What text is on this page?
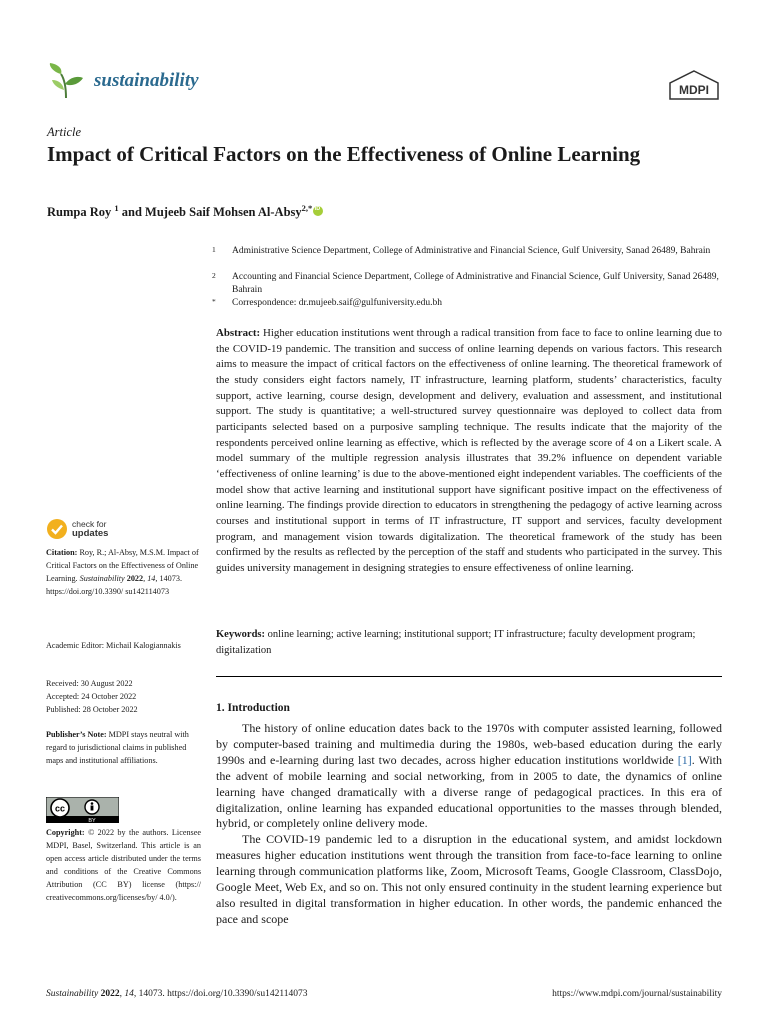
sustainability	MDPI
Article
Impact of Critical Factors on the Effectiveness of Online Learning
Rumpa Roy $^1$ and Mujeeb Saif Mohsen Al-Absy$^{2,*}$iD
1 Administrative Science Department, College of Administrative and Financial Science, Gulf University, Sanad 26489, Bahrain
2 Accounting and Financial Science Department, College of Administrative and Financial Science, Gulf University, Sanad 26489, Bahrain
* Correspondence: dr.mujeeb.saif@gulfuniversity.edu.bh
Abstract: Higher education institutions went through a radical transition from face to face to online learning due to the COVID-19 pandemic. The transition and success of online learning depends on various factors. This research aims to measure the impact of critical factors on the effectiveness of online learning. The theoretical framework of the study considers eight factors namely, IT infrastructure, learning platform, students’ characteristics, faculty support, active learning, course design, development and delivery, evaluation and assessment, and institutional support. The study is quantitative; a well-structured survey questionnaire was deployed to collect data from participants selected based on a purposive sampling technique. The results indicate that the majority of the respondents perceived online learning as effective, which is reflected by the average score of 4 on a Likert scale. A model summary of the multiple regression analysis illustrates that 39.2% influence on dependent variable ‘effectiveness of online learning’ is due to the above-mentioned eight independent variables. The coefficients of the model show that active learning and institutional support have significant positive impact on the effectiveness of online learning. The findings provide direction to educators in strengthening the pedagogy of active learning across courses and institutional support in terms of IT infrastructure, IT support and services, faculty development program, and management vision towards digitalization. The theoretical framework of the study has been confirmed by the results as reflected by the perception of the staff and students who participated in the survey. This guides university management in designing strategies to ensure effectiveness of online learning.
Keywords: online learning; active learning; institutional support; IT infrastructure; faculty development program; digitalization
1. Introduction

The history of online education dates back to the 1970s with computer assisted learning, followed by computer-based training and multimedia during the 1980s, web-based education during the early 1990s and e-learning during last two decades, across higher education institutions worldwide [1]. With the advent of mobile learning and social networking, from in 2005 to date, the dynamics of online learning have changed dramatically with a diverse range of pedagogical practices. In this era of digitalization, online learning has expanded educational opportunities to the masses through blended, hybrid, or completely online delivery mode.

The COVID-19 pandemic led to a disruption in the educational system, and amidst lockdown measures higher education institutions went through the transition from face-to-face learning to online learning through communication platforms like, Zoom, Microsoft Teams, Google Classroom, ClassDojo, Google Meet, Web Ex, and so on. This not only ensured continuity in the student learning experience but also resulted in digital transformation in higher education. In other words, the pandemic enhanced the pace and scope

check for
updates
Citation: Roy, R.; Al-Absy, M.S.M. Impact of Critical Factors on the Effectiveness of Online Learning. Sustainability 2022, 14, 14073. https://doi.org/10.3390/ su142114073
Academic Editor: Michail Kalogiannakis
Received: 30 August 2022
Accepted: 24 October 2022
Published: 28 October 2022
Publisher’s Note: MDPI stays neutral with regard to jurisdictional claims in published maps and institutional affiliations.
cc
BY
Copyright: © 2022 by the authors. Licensee MDPI, Basel, Switzerland. This article is an open access article distributed under the terms and conditions of the Creative Commons Attribution (CC BY) license (https:// creativecommons.org/licenses/by/ 4.0/).
Sustainability 2022, 14, 14073. https://doi.org/10.3390/su142114073	https://www.mdpi.com/journal/sustainability
